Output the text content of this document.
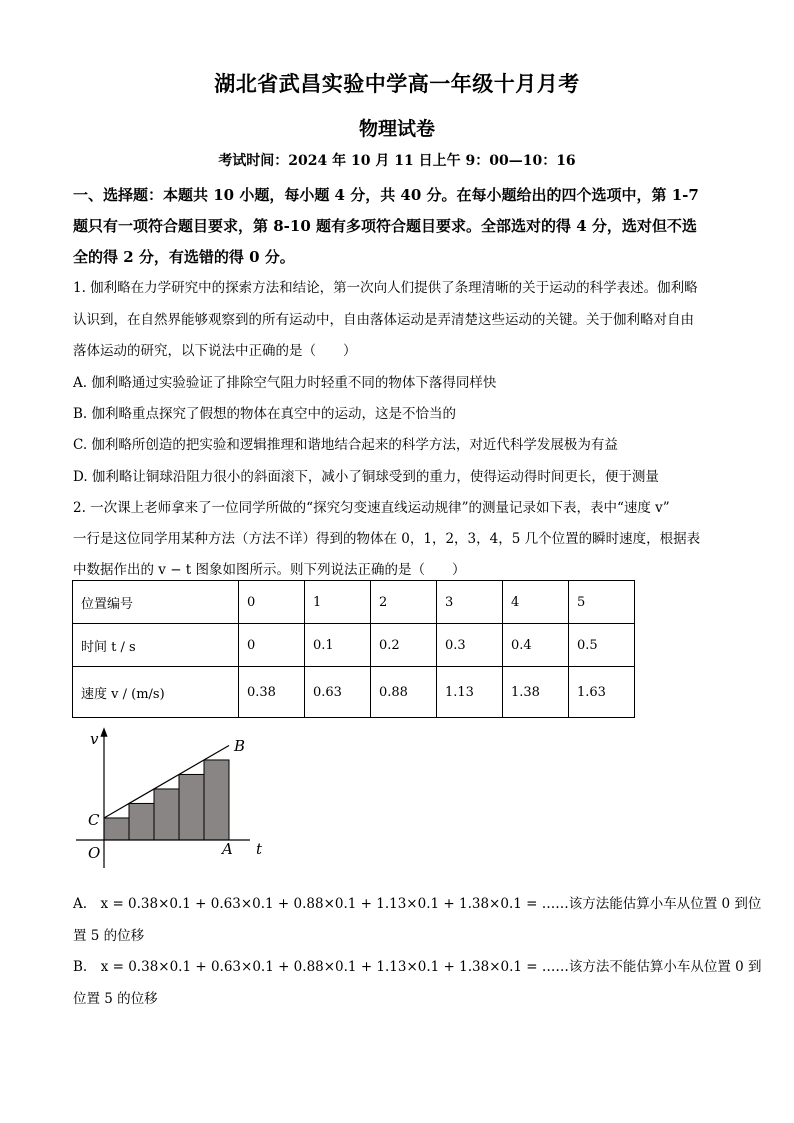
湖北省武昌实验中学高一年级十月月考
物理试卷
考试时间：2024 年 10 月 11 日上午 9：00—10：16
一、选择题：本题共 10 小题，每小题 4 分，共 40 分。在每小题给出的四个选项中，第 1-7
题只有一项符合题目要求，第 8-10 题有多项符合题目要求。全部选对的得 4 分，选对但不选
全的得 2 分，有选错的得 0 分。
1. 伽利略在力学研究中的探索方法和结论，第一次向人们提供了条理清晰的关于运动的科学表述。伽利略
认识到，在自然界能够观察到的所有运动中，自由落体运动是弄清楚这些运动的关键。关于伽利略对自由
落体运动的研究，以下说法中正确的是（　　）
A. 伽利略通过实验验证了排除空气阻力时轻重不同的物体下落得同样快
B. 伽利略重点探究了假想的物体在真空中的运动，这是不恰当的
C. 伽利略所创造的把实验和逻辑推理和谐地结合起来的科学方法，对近代科学发展极为有益
D. 伽利略让铜球沿阻力很小的斜面滚下，减小了铜球受到的重力，使得运动得时间更长，便于测量
2. 一次课上老师拿来了一位同学所做的“探究匀变速直线运动规律”的测量记录如下表，表中“速度 v”
一行是这位同学用某种方法（方法不详）得到的物体在 0，1，2，3，4，5 几个位置的瞬时速度，根据表
中数据作出的 v − t 图象如图所示。则下列说法正确的是（　　）
位置编号	0	1	2	3	4	5
时间 t / s	0	0.1	0.2	0.3	0.4	0.5
速度 v / (m/s)	0.38	0.63	0.88	1.13	1.38	1.63
v
t
O	A
B
C
A.　x = 0.38×0.1 + 0.63×0.1 + 0.88×0.1 + 1.13×0.1 + 1.38×0.1 = ……该方法能估算小车从位置 0 到位
置 5 的位移
B.　x = 0.38×0.1 + 0.63×0.1 + 0.88×0.1 + 1.13×0.1 + 1.38×0.1 = ……该方法不能估算小车从位置 0 到
位置 5 的位移
